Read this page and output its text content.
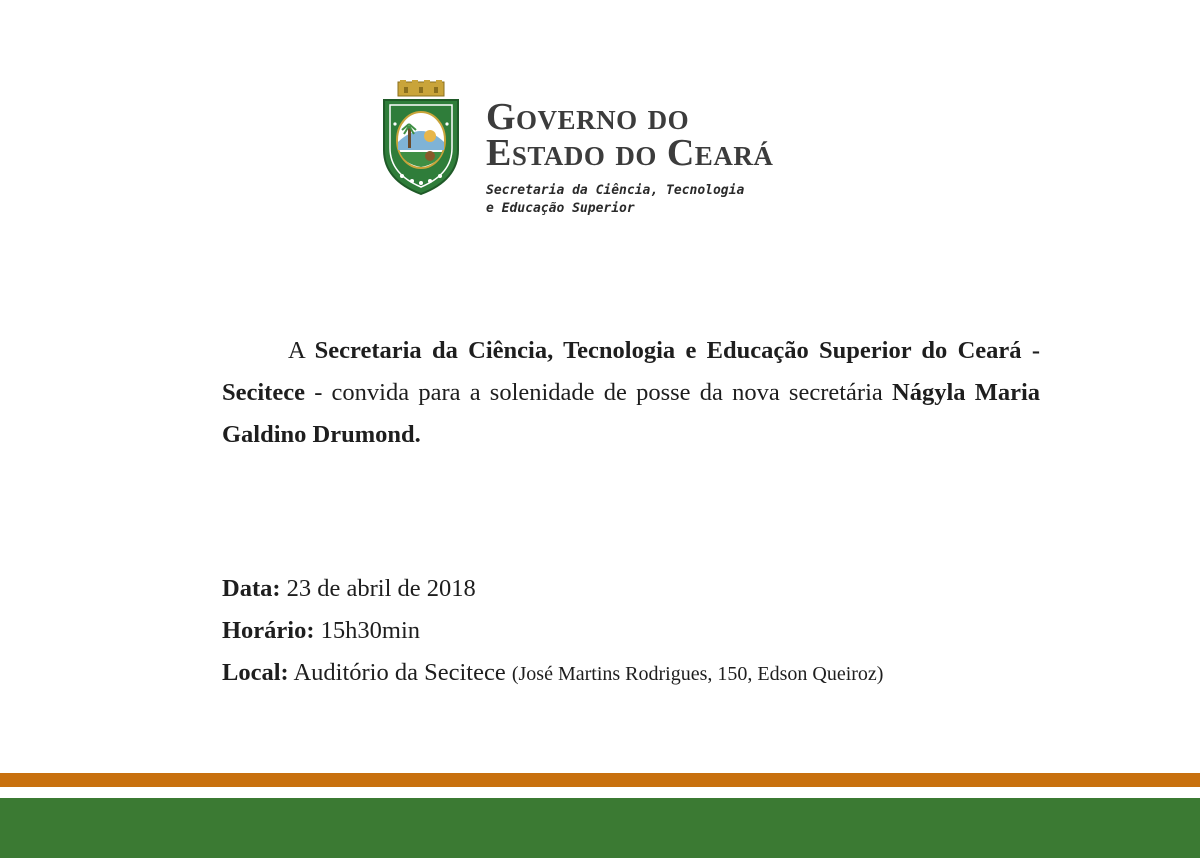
Governo do
Estado do Ceará
Secretaria da Ciência, Tecnologia
e Educação Superior
A Secretaria da Ciência, Tecnologia e Educação Superior do Ceará - Secitece - convida para a solenidade de posse da nova secretária Nágyla Maria Galdino Drumond.
Data: 23 de abril de 2018
Horário: 15h30min
Local: Auditório da Secitece (José Martins Rodrigues, 150, Edson Queiroz)
